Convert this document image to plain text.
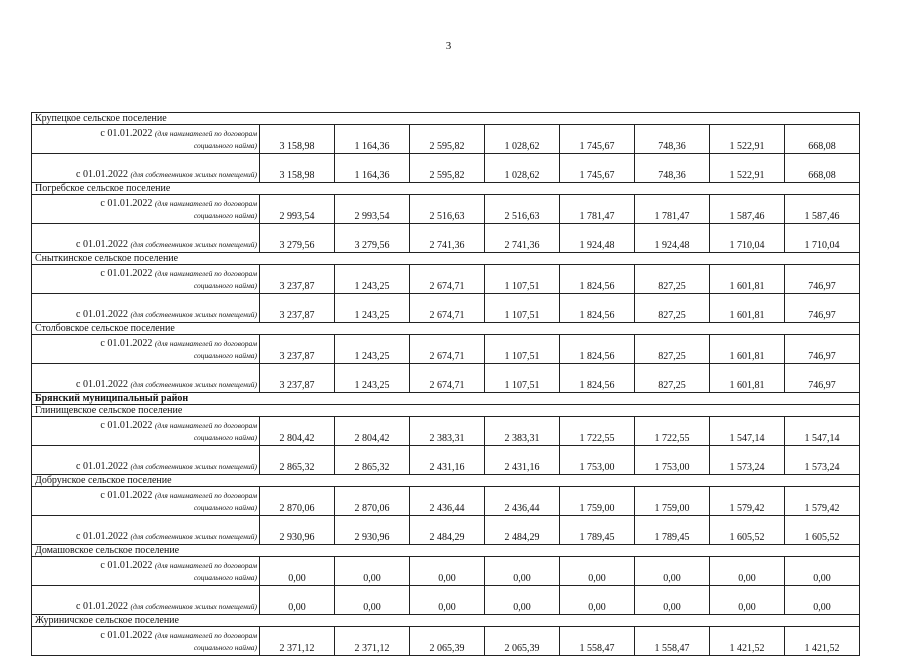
3
Крупецкое сельское поселение								
с 01.01.2022 (для нанимателей по договорам
социального найма)	3 158,98	1 164,36	2 595,82	1 028,62	1 745,67	748,36	1 522,91	668,08
с 01.01.2022 (для собственников жилых помещений)	3 158,98	1 164,36	2 595,82	1 028,62	1 745,67	748,36	1 522,91	668,08
Погребское сельское поселение								
с 01.01.2022 (для нанимателей по договорам
социального найма)	2 993,54	2 993,54	2 516,63	2 516,63	1 781,47	1 781,47	1 587,46	1 587,46
с 01.01.2022 (для собственников жилых помещений)	3 279,56	3 279,56	2 741,36	2 741,36	1 924,48	1 924,48	1 710,04	1 710,04
Сныткинское сельское поселение								
с 01.01.2022 (для нанимателей по договорам
социального найма)	3 237,87	1 243,25	2 674,71	1 107,51	1 824,56	827,25	1 601,81	746,97
с 01.01.2022 (для собственников жилых помещений)	3 237,87	1 243,25	2 674,71	1 107,51	1 824,56	827,25	1 601,81	746,97
Столбовское сельское поселение								
с 01.01.2022 (для нанимателей по договорам
социального найма)	3 237,87	1 243,25	2 674,71	1 107,51	1 824,56	827,25	1 601,81	746,97
с 01.01.2022 (для собственников жилых помещений)	3 237,87	1 243,25	2 674,71	1 107,51	1 824,56	827,25	1 601,81	746,97
Брянский муниципальный район								
Глинищевское сельское поселение								
с 01.01.2022 (для нанимателей по договорам
социального найма)	2 804,42	2 804,42	2 383,31	2 383,31	1 722,55	1 722,55	1 547,14	1 547,14
с 01.01.2022 (для собственников жилых помещений)	2 865,32	2 865,32	2 431,16	2 431,16	1 753,00	1 753,00	1 573,24	1 573,24
Добрунское сельское поселение								
с 01.01.2022 (для нанимателей по договорам
социального найма)	2 870,06	2 870,06	2 436,44	2 436,44	1 759,00	1 759,00	1 579,42	1 579,42
с 01.01.2022 (для собственников жилых помещений)	2 930,96	2 930,96	2 484,29	2 484,29	1 789,45	1 789,45	1 605,52	1 605,52
Домашовское сельское поселение								
с 01.01.2022 (для нанимателей по договорам
социального найма)	0,00	0,00	0,00	0,00	0,00	0,00	0,00	0,00
с 01.01.2022 (для собственников жилых помещений)	0,00	0,00	0,00	0,00	0,00	0,00	0,00	0,00
Журиничское сельское поселение								
с 01.01.2022 (для нанимателей по договорам
социального найма)	2 371,12	2 371,12	2 065,39	2 065,39	1 558,47	1 558,47	1 421,52	1 421,52
